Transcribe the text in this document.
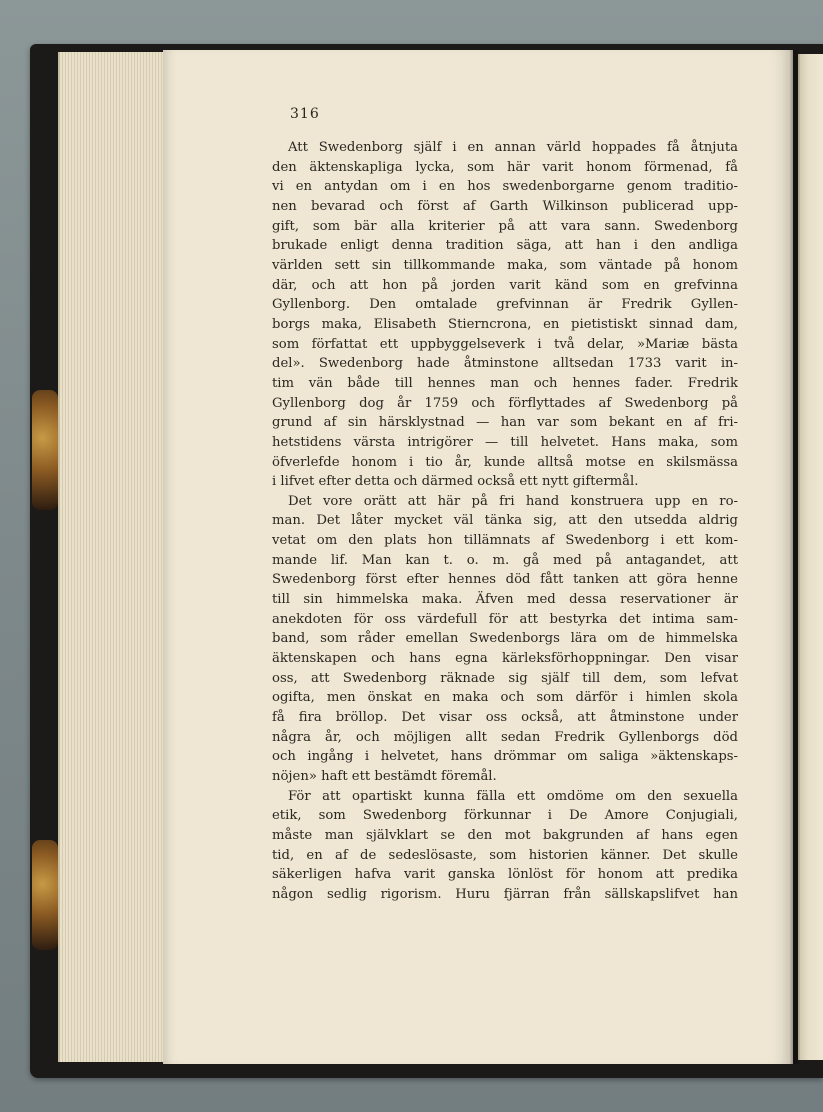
316
Att Swedenborg själf i en annan värld hoppades få åtnjuta
den äktenskapliga lycka, som här varit honom förmenad, få
vi en antydan om i en hos swedenborgarne genom traditio-
nen bevarad och först af Garth Wilkinson publicerad upp-
gift, som bär alla kriterier på att vara sann. Swedenborg
brukade enligt denna tradition säga, att han i den andliga
världen sett sin tillkommande maka, som väntade på honom
där, och att hon på jorden varit känd som en grefvinna
Gyllenborg. Den omtalade grefvinnan är Fredrik Gyllen-
borgs maka, Elisabeth Stierncrona, en pietistiskt sinnad dam,
som författat ett uppbyggelseverk i två delar, »Mariæ bästa
del». Swedenborg hade åtminstone alltsedan 1733 varit in-
tim vän både till hennes man och hennes fader. Fredrik
Gyllenborg dog år 1759 och förflyttades af Swedenborg på
grund af sin härsklystnad — han var som bekant en af fri-
hetstidens värsta intrigörer — till helvetet. Hans maka, som
öfverlefde honom i tio år, kunde alltså motse en skilsmässa
i lifvet efter detta och därmed också ett nytt giftermål.
Det vore orätt att här på fri hand konstruera upp en ro-
man. Det låter mycket väl tänka sig, att den utsedda aldrig
vetat om den plats hon tillämnats af Swedenborg i ett kom-
mande lif. Man kan t. o. m. gå med på antagandet, att
Swedenborg först efter hennes död fått tanken att göra henne
till sin himmelska maka. Äfven med dessa reservationer är
anekdoten för oss värdefull för att bestyrka det intima sam-
band, som råder emellan Swedenborgs lära om de himmelska
äktenskapen och hans egna kärleksförhoppningar. Den visar
oss, att Swedenborg räknade sig själf till dem, som lefvat
ogifta, men önskat en maka och som därför i himlen skola
få fira bröllop. Det visar oss också, att åtminstone under
några år, och möjligen allt sedan Fredrik Gyllenborgs död
och ingång i helvetet, hans drömmar om saliga »äktenskaps-
nöjen» haft ett bestämdt föremål.
För att opartiskt kunna fälla ett omdöme om den sexuella
etik, som Swedenborg förkunnar i De Amore Conjugiali,
måste man självklart se den mot bakgrunden af hans egen
tid, en af de sedeslösaste, som historien känner. Det skulle
säkerligen hafva varit ganska lönlöst för honom att predika
någon sedlig rigorism. Huru fjärran från sällskapslifvet han
